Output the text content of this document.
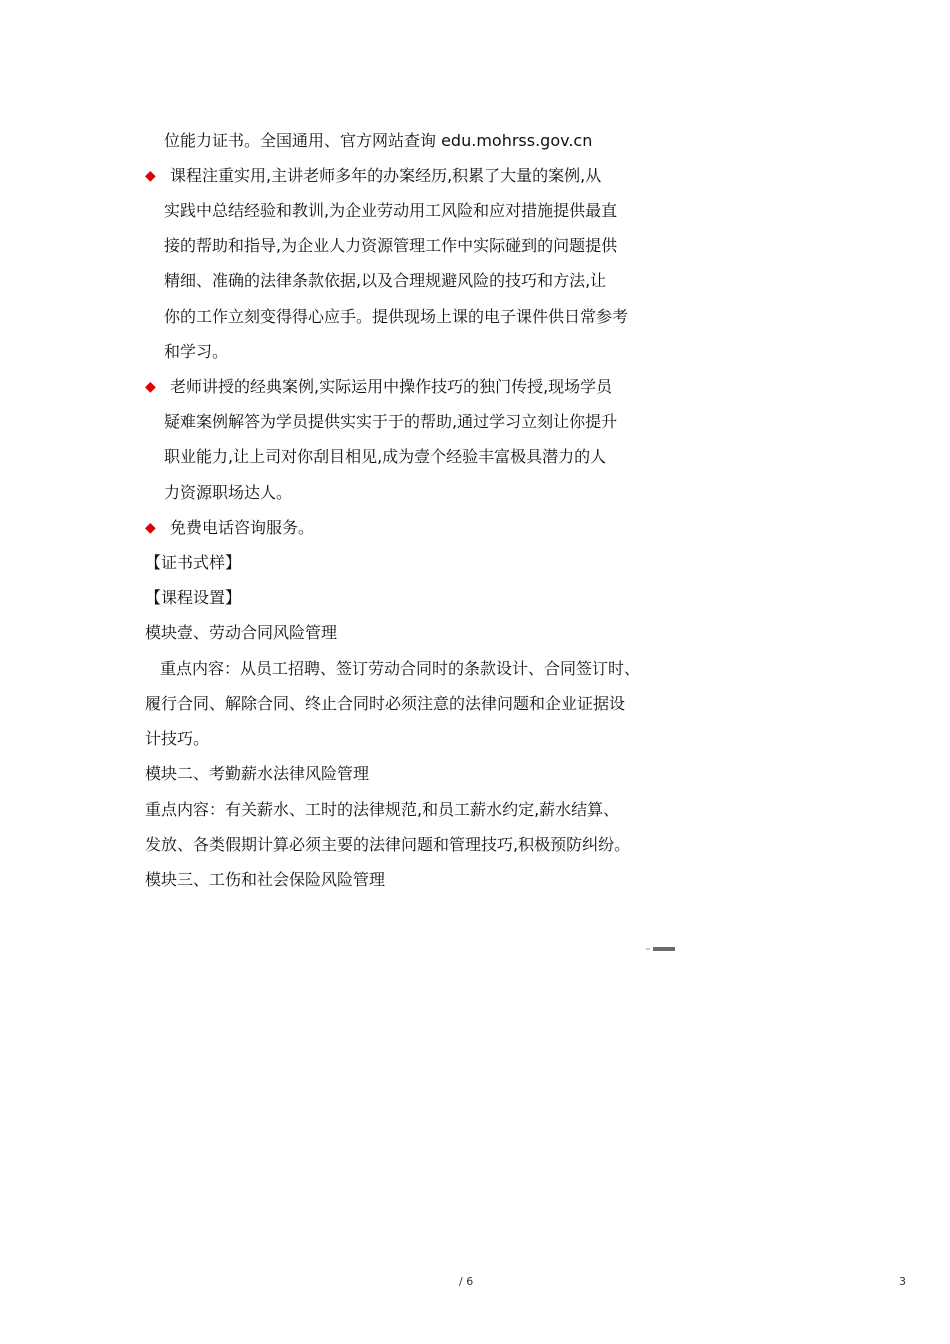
位能力证书。全国通用、官方网站查询 edu.mohrss.gov.cn
◆ 课程注重实用,主讲老师多年的办案经历,积累了大量的案例,从
实践中总结经验和教训,为企业劳动用工风险和应对措施提供最直
接的帮助和指导,为企业人力资源管理工作中实际碰到的问题提供
精细、准确的法律条款依据,以及合理规避风险的技巧和方法,让
你的工作立刻变得得心应手。提供现场上课的电子课件供日常参考
和学习。
◆ 老师讲授的经典案例,实际运用中操作技巧的独门传授,现场学员
疑难案例解答为学员提供实实于于的帮助,通过学习立刻让你提升
职业能力,让上司对你刮目相见,成为壹个经验丰富极具潜力的人
力资源职场达人。
◆ 免费电话咨询服务。
【证书式样】
【课程设置】
模块壹、劳动合同风险管理
重点内容：从员工招聘、签订劳动合同时的条款设计、合同签订时、
履行合同、解除合同、终止合同时必须注意的法律问题和企业证据设
计技巧。
模块二、考勤薪水法律风险管理
重点内容：有关薪水、工时的法律规范,和员工薪水约定,薪水结算、
发放、各类假期计算必须主要的法律问题和管理技巧,积极预防纠纷。
模块三、工伤和社会保险风险管理
/ 6	3
